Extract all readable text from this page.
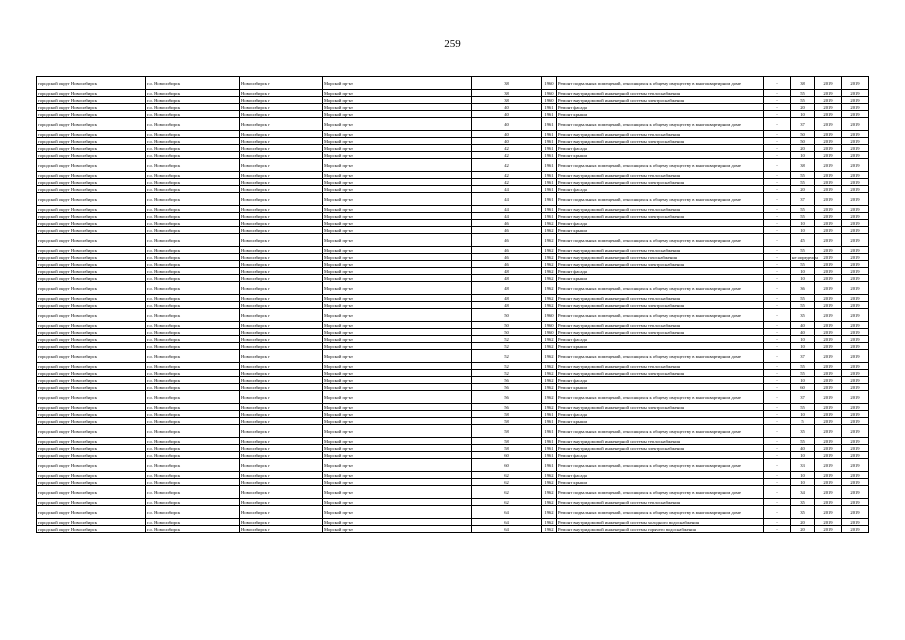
259
городской округ Новосибирск	г.о. Новосибирск	Новосибирск г	Морской пр-кт	38	1960	Ремонт подвальных помещений, относящихся к общему имуществу в многоквартирном доме	-	38	2019	2019
городской округ Новосибирск	г.о. Новосибирск	Новосибирск г	Морской пр-кт	38	1960	Ремонт внутридомовой инженерной системы теплоснабжения	-	55	2019	2019
городской округ Новосибирск	г.о. Новосибирск	Новосибирск г	Морской пр-кт	38	1960	Ремонт внутридомовой инженерной системы электроснабжения	-	55	2019	2019
городской округ Новосибирск	г.о. Новосибирск	Новосибирск г	Морской пр-кт	40	1961	Ремонт фасада	-	20	2019	2019
городской округ Новосибирск	г.о. Новосибирск	Новосибирск г	Морской пр-кт	40	1961	Ремонт крыши	-	10	2019	2019
городской округ Новосибирск	г.о. Новосибирск	Новосибирск г	Морской пр-кт	40	1961	Ремонт подвальных помещений, относящихся к общему имуществу в многоквартирном доме	-	37	2019	2019
городской округ Новосибирск	г.о. Новосибирск	Новосибирск г	Морской пр-кт	40	1961	Ремонт внутридомовой инженерной системы теплоснабжения	-	50	2019	2019
городской округ Новосибирск	г.о. Новосибирск	Новосибирск г	Морской пр-кт	40	1961	Ремонт внутридомовой инженерной системы электроснабжения	-	50	2019	2019
городской округ Новосибирск	г.о. Новосибирск	Новосибирск г	Морской пр-кт	42	1961	Ремонт фасада	-	20	2019	2019
городской округ Новосибирск	г.о. Новосибирск	Новосибирск г	Морской пр-кт	42	1961	Ремонт крыши	-	10	2019	2019
городской округ Новосибирск	г.о. Новосибирск	Новосибирск г	Морской пр-кт	42	1961	Ремонт подвальных помещений, относящихся к общему имуществу в многоквартирном доме	-	38	2019	2019
городской округ Новосибирск	г.о. Новосибирск	Новосибирск г	Морской пр-кт	42	1961	Ремонт внутридомовой инженерной системы теплоснабжения	-	55	2019	2019
городской округ Новосибирск	г.о. Новосибирск	Новосибирск г	Морской пр-кт	42	1961	Ремонт внутридомовой инженерной системы электроснабжения	-	55	2019	2019
городской округ Новосибирск	г.о. Новосибирск	Новосибирск г	Морской пр-кт	44	1961	Ремонт фасада	-	20	2019	2019
городской округ Новосибирск	г.о. Новосибирск	Новосибирск г	Морской пр-кт	44	1961	Ремонт подвальных помещений, относящихся к общему имуществу в многоквартирном доме	-	37	2019	2019
городской округ Новосибирск	г.о. Новосибирск	Новосибирск г	Морской пр-кт	44	1961	Ремонт внутридомовой инженерной системы теплоснабжения	-	55	2019	2019
городской округ Новосибирск	г.о. Новосибирск	Новосибирск г	Морской пр-кт	44	1961	Ремонт внутридомовой инженерной системы электроснабжения	-	55	2019	2019
городской округ Новосибирск	г.о. Новосибирск	Новосибирск г	Морской пр-кт	46	1962	Ремонт фасада	-	10	2019	2019
городской округ Новосибирск	г.о. Новосибирск	Новосибирск г	Морской пр-кт	46	1962	Ремонт крыши	-	10	2019	2019
городской округ Новосибирск	г.о. Новосибирск	Новосибирск г	Морской пр-кт	46	1962	Ремонт подвальных помещений, относящихся к общему имуществу в многоквартирном доме	-	45	2019	2019
городской округ Новосибирск	г.о. Новосибирск	Новосибирск г	Морской пр-кт	46	1962	Ремонт внутридомовой инженерной системы теплоснабжения	-	55	2019	2019
городской округ Новосибирск	г.о. Новосибирск	Новосибирск г	Морской пр-кт	46	1962	Ремонт внутридомовой инженерной системы газоснабжения	-	не определен	2019	2019
городской округ Новосибирск	г.о. Новосибирск	Новосибирск г	Морской пр-кт	46	1962	Ремонт внутридомовой инженерной системы электроснабжения	-	55	2019	2019
городской округ Новосибирск	г.о. Новосибирск	Новосибирск г	Морской пр-кт	48	1962	Ремонт фасада	-	10	2019	2019
городской округ Новосибирск	г.о. Новосибирск	Новосибирск г	Морской пр-кт	48	1962	Ремонт крыши	-	10	2019	2019
городской округ Новосибирск	г.о. Новосибирск	Новосибирск г	Морской пр-кт	48	1962	Ремонт подвальных помещений, относящихся к общему имуществу в многоквартирном доме	-	36	2019	2019
городской округ Новосибирск	г.о. Новосибирск	Новосибирск г	Морской пр-кт	48	1962	Ремонт внутридомовой инженерной системы теплоснабжения	-	55	2019	2019
городской округ Новосибирск	г.о. Новосибирск	Новосибирск г	Морской пр-кт	48	1962	Ремонт внутридомовой инженерной системы электроснабжения	-	55	2019	2019
городской округ Новосибирск	г.о. Новосибирск	Новосибирск г	Морской пр-кт	50	1960	Ремонт подвальных помещений, относящихся к общему имуществу в многоквартирном доме	-	35	2019	2019
городской округ Новосибирск	г.о. Новосибирск	Новосибирск г	Морской пр-кт	50	1960	Ремонт внутридомовой инженерной системы теплоснабжения	-	40	2019	2019
городской округ Новосибирск	г.о. Новосибирск	Новосибирск г	Морской пр-кт	50	1960	Ремонт внутридомовой инженерной системы электроснабжения	-	40	2019	2019
городской округ Новосибирск	г.о. Новосибирск	Новосибирск г	Морской пр-кт	52	1962	Ремонт фасада	-	10	2019	2019
городской округ Новосибирск	г.о. Новосибирск	Новосибирск г	Морской пр-кт	52	1962	Ремонт крыши	-	10	2019	2019
городской округ Новосибирск	г.о. Новосибирск	Новосибирск г	Морской пр-кт	52	1962	Ремонт подвальных помещений, относящихся к общему имуществу в многоквартирном доме	-	37	2019	2019
городской округ Новосибирск	г.о. Новосибирск	Новосибирск г	Морской пр-кт	52	1962	Ремонт внутридомовой инженерной системы теплоснабжения	-	55	2019	2019
городской округ Новосибирск	г.о. Новосибирск	Новосибирск г	Морской пр-кт	52	1962	Ремонт внутридомовой инженерной системы электроснабжения	-	55	2019	2019
городской округ Новосибирск	г.о. Новосибирск	Новосибирск г	Морской пр-кт	56	1962	Ремонт фасада	-	10	2019	2019
городской округ Новосибирск	г.о. Новосибирск	Новосибирск г	Морской пр-кт	56	1962	Ремонт крыши	-	60	2019	2019
городской округ Новосибирск	г.о. Новосибирск	Новосибирск г	Морской пр-кт	56	1962	Ремонт подвальных помещений, относящихся к общему имуществу в многоквартирном доме	-	37	2019	2019
городской округ Новосибирск	г.о. Новосибирск	Новосибирск г	Морской пр-кт	56	1962	Ремонт внутридомовой инженерной системы электроснабжения	-	55	2019	2019
городской округ Новосибирск	г.о. Новосибирск	Новосибирск г	Морской пр-кт	58	1961	Ремонт фасада	-	10	2019	2019
городской округ Новосибирск	г.о. Новосибирск	Новосибирск г	Морской пр-кт	58	1961	Ремонт крыши	-	5	2019	2019
городской округ Новосибирск	г.о. Новосибирск	Новосибирск г	Морской пр-кт	58	1961	Ремонт подвальных помещений, относящихся к общему имуществу в многоквартирном доме	-	35	2019	2019
городской округ Новосибирск	г.о. Новосибирск	Новосибирск г	Морской пр-кт	58	1961	Ремонт внутридомовой инженерной системы теплоснабжения	-	55	2019	2019
городской округ Новосибирск	г.о. Новосибирск	Новосибирск г	Морской пр-кт	58	1961	Ремонт внутридомовой инженерной системы электроснабжения	-	40	2019	2019
городской округ Новосибирск	г.о. Новосибирск	Новосибирск г	Морской пр-кт	60	1961	Ремонт фасада	-	10	2019	2019
городской округ Новосибирск	г.о. Новосибирск	Новосибирск г	Морской пр-кт	60	1961	Ремонт подвальных помещений, относящихся к общему имуществу в многоквартирном доме	-	33	2019	2019
городской округ Новосибирск	г.о. Новосибирск	Новосибирск г	Морской пр-кт	62	1962	Ремонт фасада	-	10	2019	2019
городской округ Новосибирск	г.о. Новосибирск	Новосибирск г	Морской пр-кт	62	1962	Ремонт крыши	-	10	2019	2019
городской округ Новосибирск	г.о. Новосибирск	Новосибирск г	Морской пр-кт	62	1962	Ремонт подвальных помещений, относящихся к общему имуществу в многоквартирном доме	-	34	2019	2019
городской округ Новосибирск	г.о. Новосибирск	Новосибирск г	Морской пр-кт	62	1962	Ремонт внутридомовой инженерной системы теплоснабжения	-	35	2019	2019
городской округ Новосибирск	г.о. Новосибирск	Новосибирск г	Морской пр-кт	64	1962	Ремонт подвальных помещений, относящихся к общему имуществу в многоквартирном доме	-	35	2019	2019
городской округ Новосибирск	г.о. Новосибирск	Новосибирск г	Морской пр-кт	64	1962	Ремонт внутридомовой инженерной системы холодного водоснабжения	-	20	2019	2019
городской округ Новосибирск	г.о. Новосибирск	Новосибирск г	Морской пр-кт	64	1962	Ремонт внутридомовой инженерной системы горячего водоснабжения	-	20	2019	2019
